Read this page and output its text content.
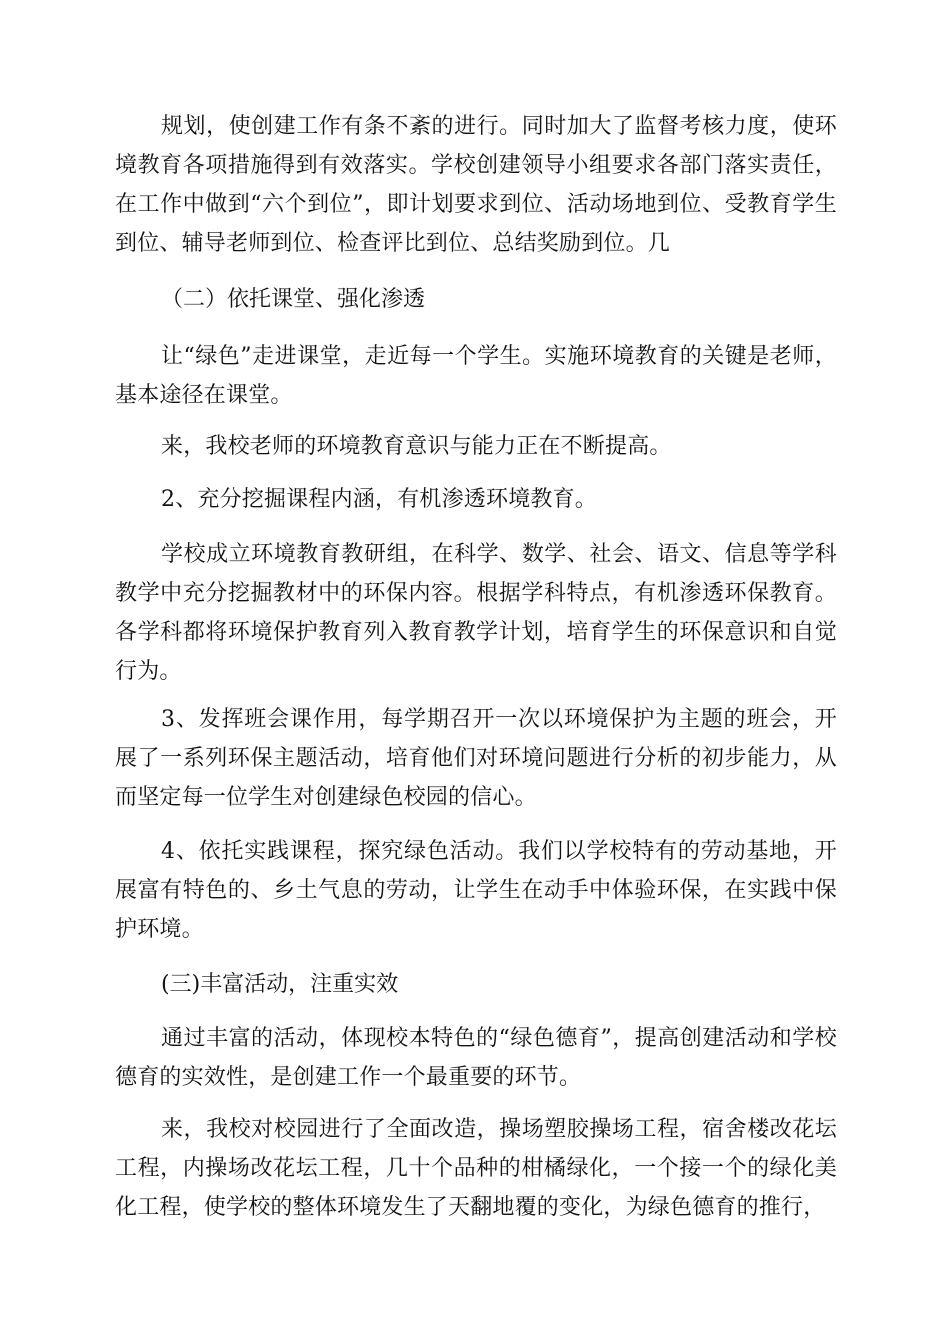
规划，使创建工作有条不紊的进行。同时加大了监督考核力度，使环境教育各项措施得到有效落实。学校创建领导小组要求各部门落实责任，在工作中做到“六个到位”，即计划要求到位、活动场地到位、受教育学生到位、辅导老师到位、检查评比到位、总结奖励到位。几

（二）依托课堂、强化渗透

让“绿色”走进课堂，走近每一个学生。实施环境教育的关键是老师，基本途径在课堂。

来，我校老师的环境教育意识与能力正在不断提高。

2、充分挖掘课程内涵，有机渗透环境教育。

学校成立环境教育教研组，在科学、数学、社会、语文、信息等学科教学中充分挖掘教材中的环保内容。根据学科特点，有机渗透环保教育。各学科都将环境保护教育列入教育教学计划，培育学生的环保意识和自觉行为。

3、发挥班会课作用，每学期召开一次以环境保护为主题的班会，开展了一系列环保主题活动，培育他们对环境问题进行分析的初步能力，从而坚定每一位学生对创建绿色校园的信心。

4、依托实践课程，探究绿色活动。我们以学校特有的劳动基地，开展富有特色的、乡土气息的劳动，让学生在动手中体验环保，在实践中保护环境。

(三)丰富活动，注重实效

通过丰富的活动，体现校本特色的“绿色德育”，提高创建活动和学校德育的实效性，是创建工作一个最重要的环节。

来，我校对校园进行了全面改造，操场塑胶操场工程，宿舍楼改花坛工程，内操场改花坛工程，几十个品种的柑橘绿化，一个接一个的绿化美化工程，使学校的整体环境发生了天翻地覆的变化，为绿色德育的推行，
